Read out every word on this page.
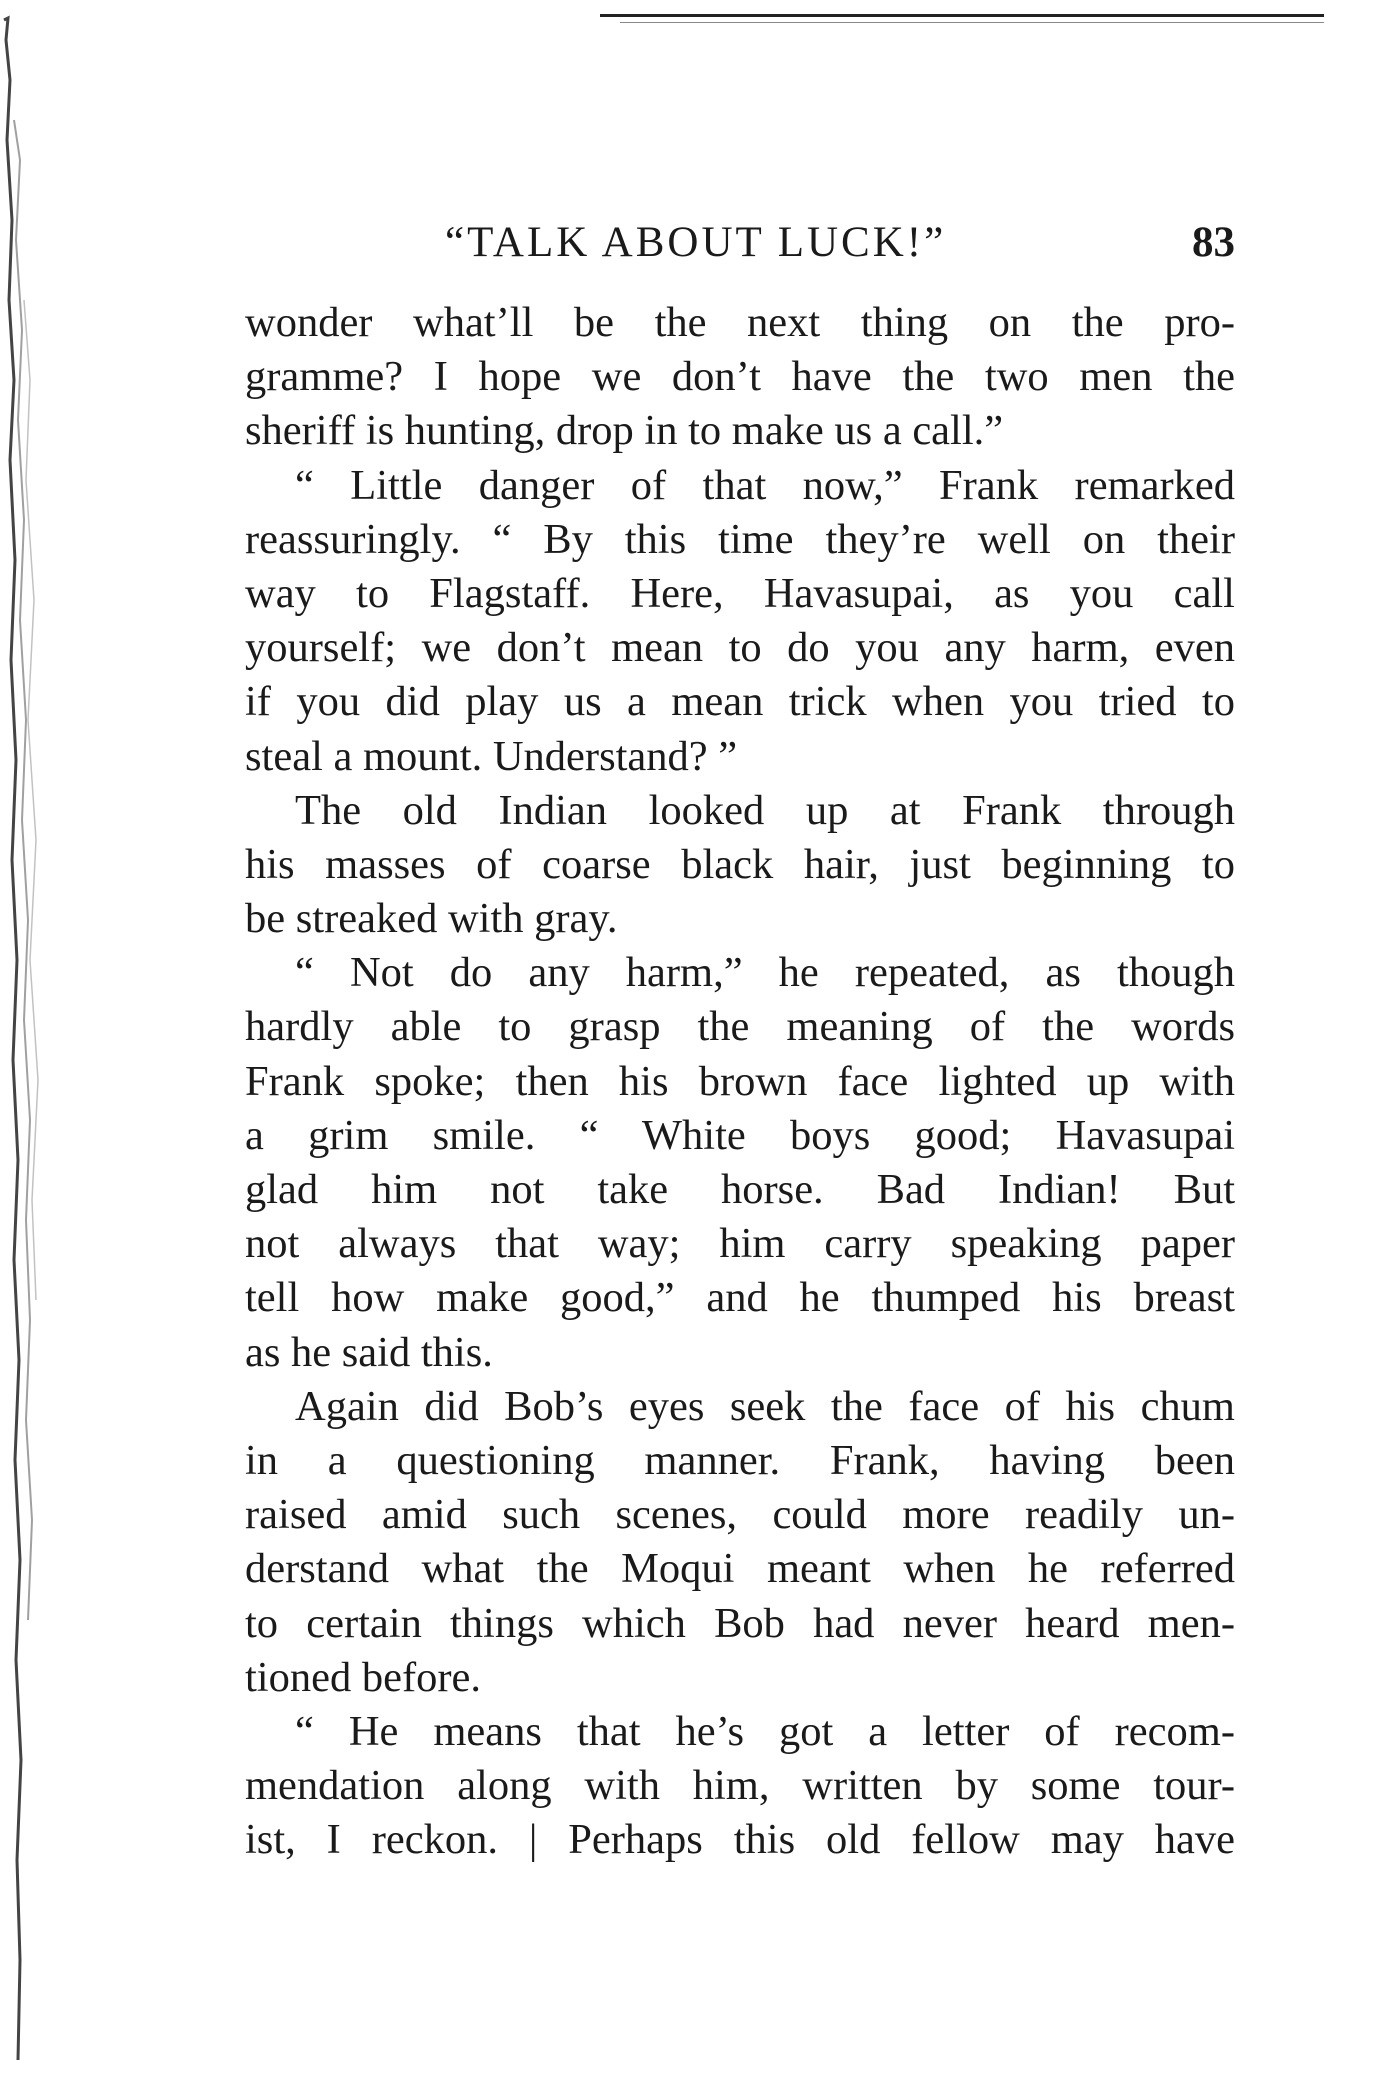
“TALK ABOUT LUCK!”	83
wonder what’ll be the next thing on the pro-
gramme? I hope we don’t have the two men the
sheriff is hunting, drop in to make us a call.”
“ Little danger of that now,” Frank remarked
reassuringly. “ By this time they’re well on their
way to Flagstaff. Here, Havasupai, as you call
yourself; we don’t mean to do you any harm, even
if you did play us a mean trick when you tried to
steal a mount. Understand? ”
The old Indian looked up at Frank through
his masses of coarse black hair, just beginning to
be streaked with gray.
“ Not do any harm,” he repeated, as though
hardly able to grasp the meaning of the words
Frank spoke; then his brown face lighted up with
a grim smile. “ White boys good; Havasupai
glad him not take horse. Bad Indian! But
not always that way; him carry speaking paper
tell how make good,” and he thumped his breast
as he said this.
Again did Bob’s eyes seek the face of his chum
in a questioning manner. Frank, having been
raised amid such scenes, could more readily un-
derstand what the Moqui meant when he referred
to certain things which Bob had never heard men-
tioned before.
“ He means that he’s got a letter of recom-
mendation along with him, written by some tour-
ist, I reckon. | Perhaps this old fellow may have
